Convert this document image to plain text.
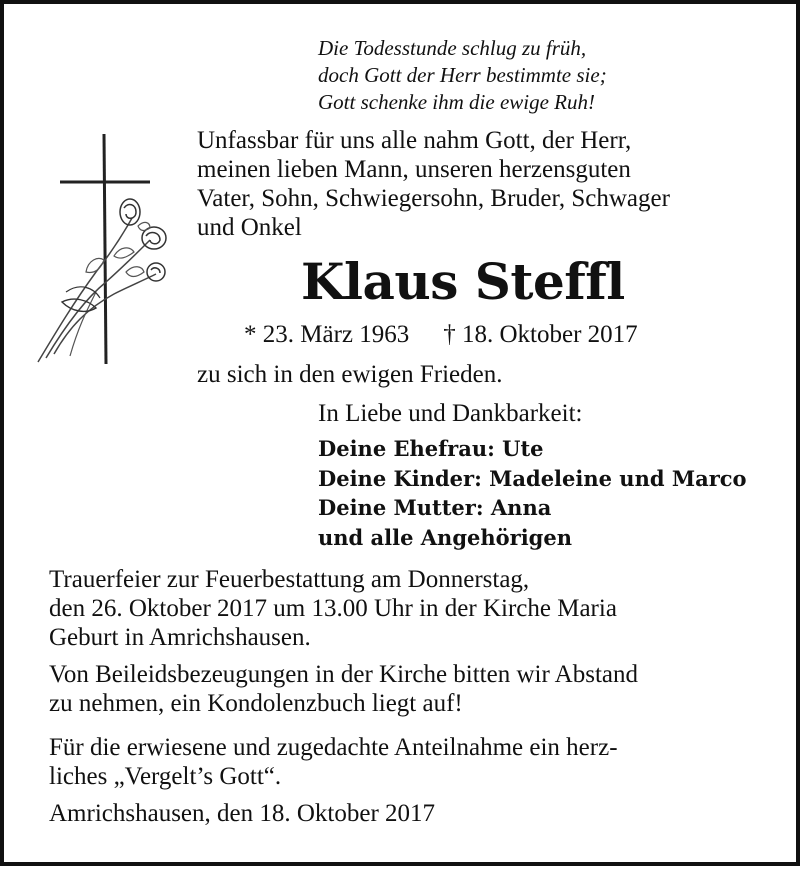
Die Todesstunde schlug zu früh,
doch Gott der Herr bestimmte sie;
Gott schenke ihm die ewige Ruh!
Unfassbar für uns alle nahm Gott, der Herr,
meinen lieben Mann, unseren herzensguten
Vater, Sohn, Schwiegersohn, Bruder, Schwager
und Onkel
Klaus Steffl
* 23. März 1963 † 18. Oktober 2017
zu sich in den ewigen Frieden.
In Liebe und Dankbarkeit:
Deine Ehefrau: Ute
Deine Kinder: Madeleine und Marco
Deine Mutter: Anna
und alle Angehörigen
Trauerfeier zur Feuerbestattung am Donnerstag,
den 26. Oktober 2017 um 13.00 Uhr in der Kirche Maria
Geburt in Amrichshausen.
Von Beileidsbezeugungen in der Kirche bitten wir Abstand
zu nehmen, ein Kondolenzbuch liegt auf!
Für die erwiesene und zugedachte Anteilnahme ein herz-
liches „Vergelt’s Gott“.
Amrichshausen, den 18. Oktober 2017
